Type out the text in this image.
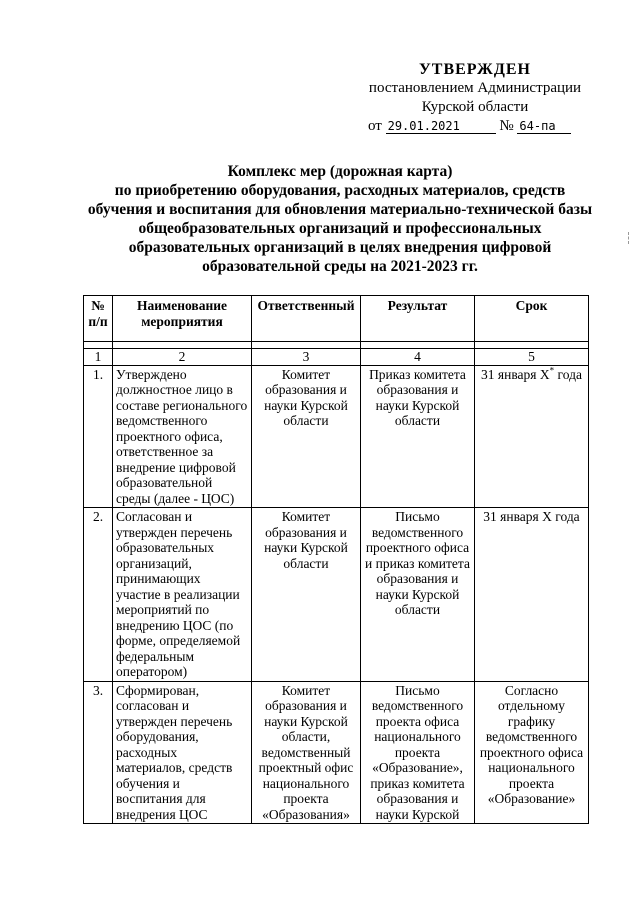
УТВЕРЖДЕН
постановлением Администрации
Курской области
от 29.01.2021	№ 64-па
Комплекс мер (дорожная карта)
по приобретению оборудования, расходных материалов, средств
обучения и воспитания для обновления материально-технической базы
общеобразовательных организаций и профессиональных
образовательных организаций в целях внедрения цифровой
образовательной среды на 2021-2023 гг.
№ п/п	Наименование мероприятия	Ответственный	Результат	Срок

1	2	3	4	5
1.	Утверждено должностное лицо в составе регионального ведомственного проектного офиса, ответственное за внедрение цифровой образовательной среды (далее - ЦОС)	Комитет образования и науки Курской области	Приказ комитета образования и науки Курской области	31 января X* года
2.	Согласован и утвержден перечень образовательных организаций, принимающих участие в реализации мероприятий по внедрению ЦОС (по форме, определяемой федеральным оператором)	Комитет образования и науки Курской области	Письмо ведомственного проектного офиса и приказ комитета образования и науки Курской области	31 января X года
3.	Сформирован, согласован и утвержден перечень оборудования, расходных материалов, средств обучения и воспитания для внедрения ЦОС	Комитет образования и науки Курской области, ведомственный проектный офис национального проекта «Образования»	Письмо ведомственного проекта офиса национального проекта «Образование», приказ комитета образования и науки Курской	Согласно отдельному графику ведомственного проектного офиса национального проекта «Образование»
